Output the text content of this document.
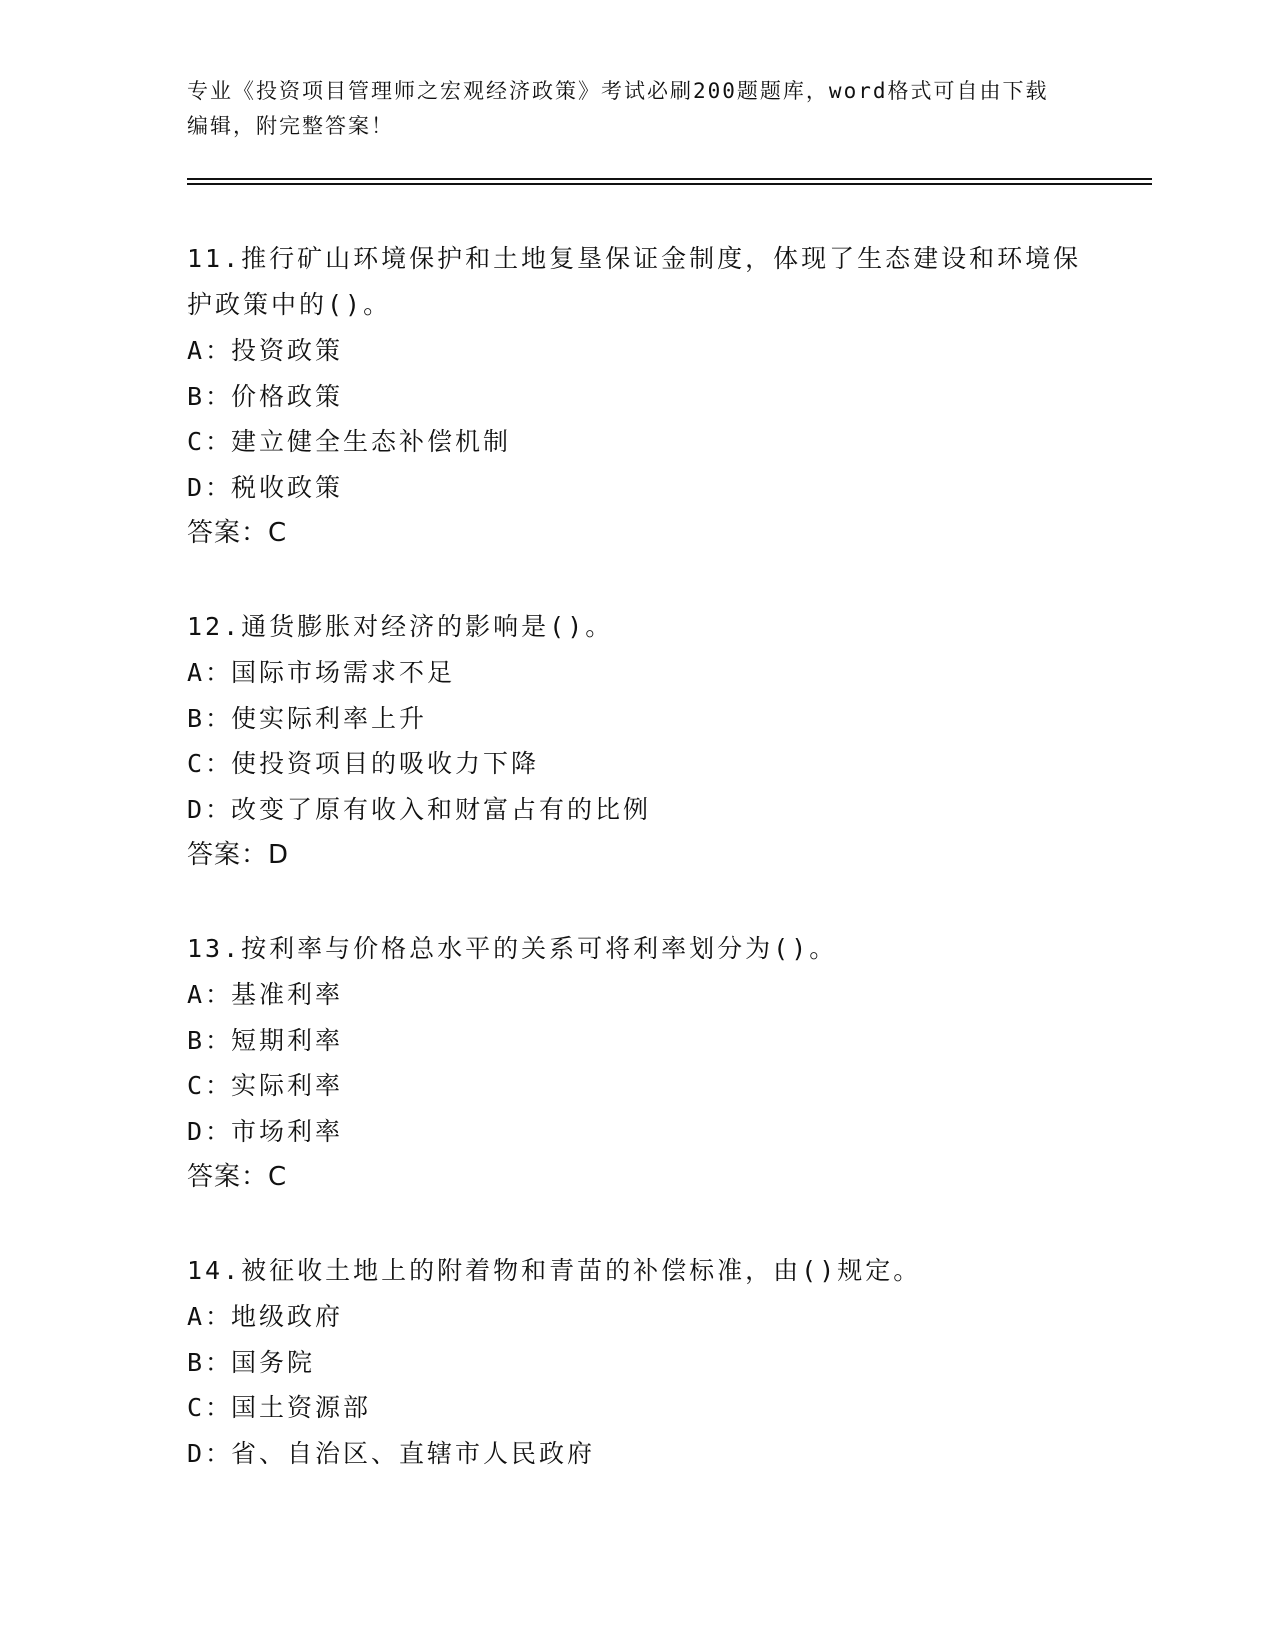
专业《投资项目管理师之宏观经济政策》考试必刷200题题库，word格式可自由下载编辑，附完整答案！

11.推行矿山环境保护和土地复垦保证金制度，体现了生态建设和环境保护政策中的()。

A：投资政策

B：价格政策

C：建立健全生态补偿机制

D：税收政策

答案：C

12.通货膨胀对经济的影响是()。

A：国际市场需求不足

B：使实际利率上升

C：使投资项目的吸收力下降

D：改变了原有收入和财富占有的比例

答案：D

13.按利率与价格总水平的关系可将利率划分为()。

A：基准利率

B：短期利率

C：实际利率

D：市场利率

答案：C

14.被征收土地上的附着物和青苗的补偿标准，由()规定。

A：地级政府

B：国务院

C：国土资源部

D：省、自治区、直辖市人民政府
